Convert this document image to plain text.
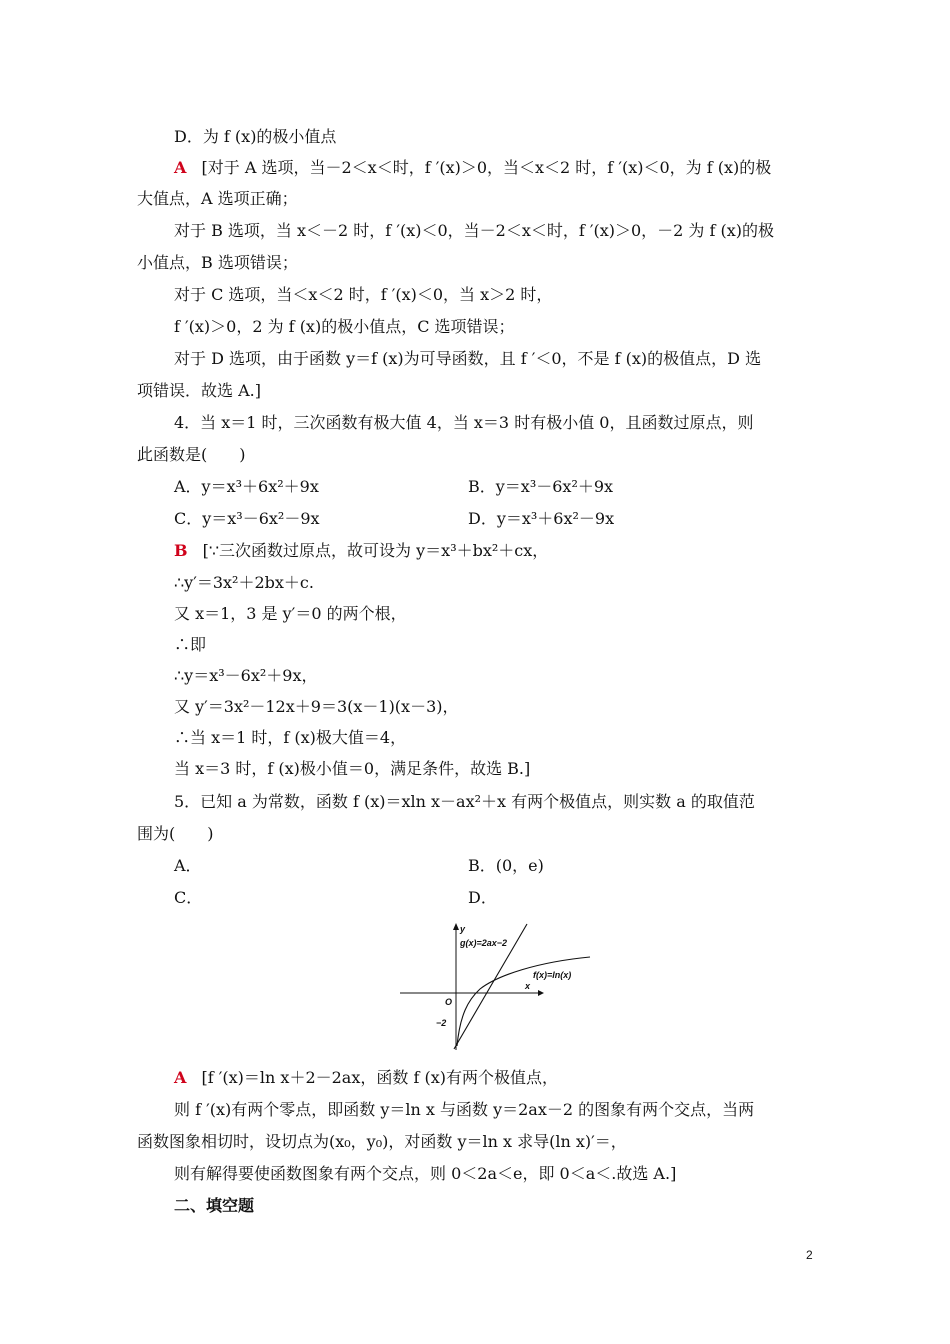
D．为 f (x)的极小值点
A [对于 A 选项，当－2＜x＜时，f ′(x)＞0，当＜x＜2 时，f ′(x)＜0，为 f (x)的极
大值点，A 选项正确；
对于 B 选项，当 x＜－2 时，f ′(x)＜0，当－2＜x＜时，f ′(x)＞0，－2 为 f (x)的极
小值点，B 选项错误；
对于 C 选项，当＜x＜2 时，f ′(x)＜0，当 x＞2 时，
f ′(x)＞0，2 为 f (x)的极小值点，C 选项错误；
对于 D 选项，由于函数 y＝f (x)为可导函数，且 f ′＜0，不是 f (x)的极值点，D 选
项错误．故选 A.]
4．当 x＝1 时，三次函数有极大值 4，当 x＝3 时有极小值 0，且函数过原点，则
此函数是(　　)
A．y＝x³＋6x²＋9x	B．y＝x³－6x²＋9x
C．y＝x³－6x²－9x	D．y＝x³＋6x²－9x
B [∵三次函数过原点，故可设为 y＝x³＋bx²＋cx，
∴y′＝3x²＋2bx＋c.
又 x＝1，3 是 y′＝0 的两个根，
∴即
∴y＝x³－6x²＋9x，
又 y′＝3x²－12x＋9＝3(x－1)(x－3)，
∴当 x＝1 时，f (x)极大值＝4，
当 x＝3 时，f (x)极小值＝0，满足条件，故选 B.]
5．已知 a 为常数，函数 f (x)＝xln x－ax²＋x 有两个极值点，则实数 a 的取值范
围为(　　)
A．	B．(0，e)
C．	D．
y
x
O
−2
g(x)=2ax−2
f(x)=ln(x)
A [f ′(x)＝ln x＋2－2ax，函数 f (x)有两个极值点，
则 f ′(x)有两个零点，即函数 y＝ln x 与函数 y＝2ax－2 的图象有两个交点，当两
函数图象相切时，设切点为(x₀，y₀)，对函数 y＝ln x 求导(ln x)′＝，
则有解得要使函数图象有两个交点，则 0＜2a＜e，即 0＜a＜.故选 A.]
二、填空题
2
